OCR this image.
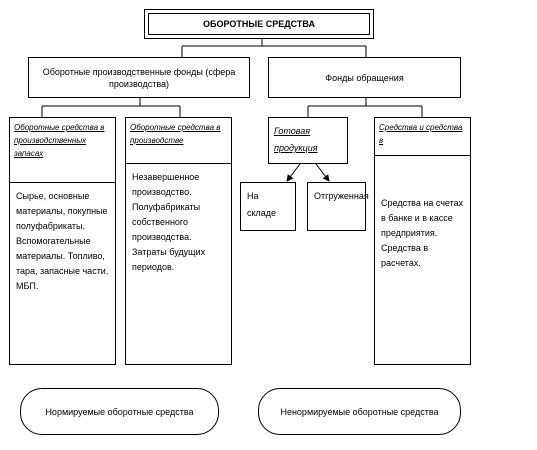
ОБОРОТНЫЕ СРЕДСТВА
Оборотные производственные фонды (сфера производства)
Фонды обращения
Оборотные средства в производственных запасах
Сырье, основные материалы, покупные полуфабрикаты. Вспомогательные материалы. Топливо, тара, запасные части. МБП.
Оборотные средства в производстве
Незавершенное производство. Полуфабрикаты собственного производства. Затраты будущих периодов.
Готовая продукция
На складе
Отгруженная
Средства и средства в
Средства на счетах в банке и в кассе предприятия. Средства в расчетах.
Нормируемые оборотные средства	Ненормируемые оборотные средства
